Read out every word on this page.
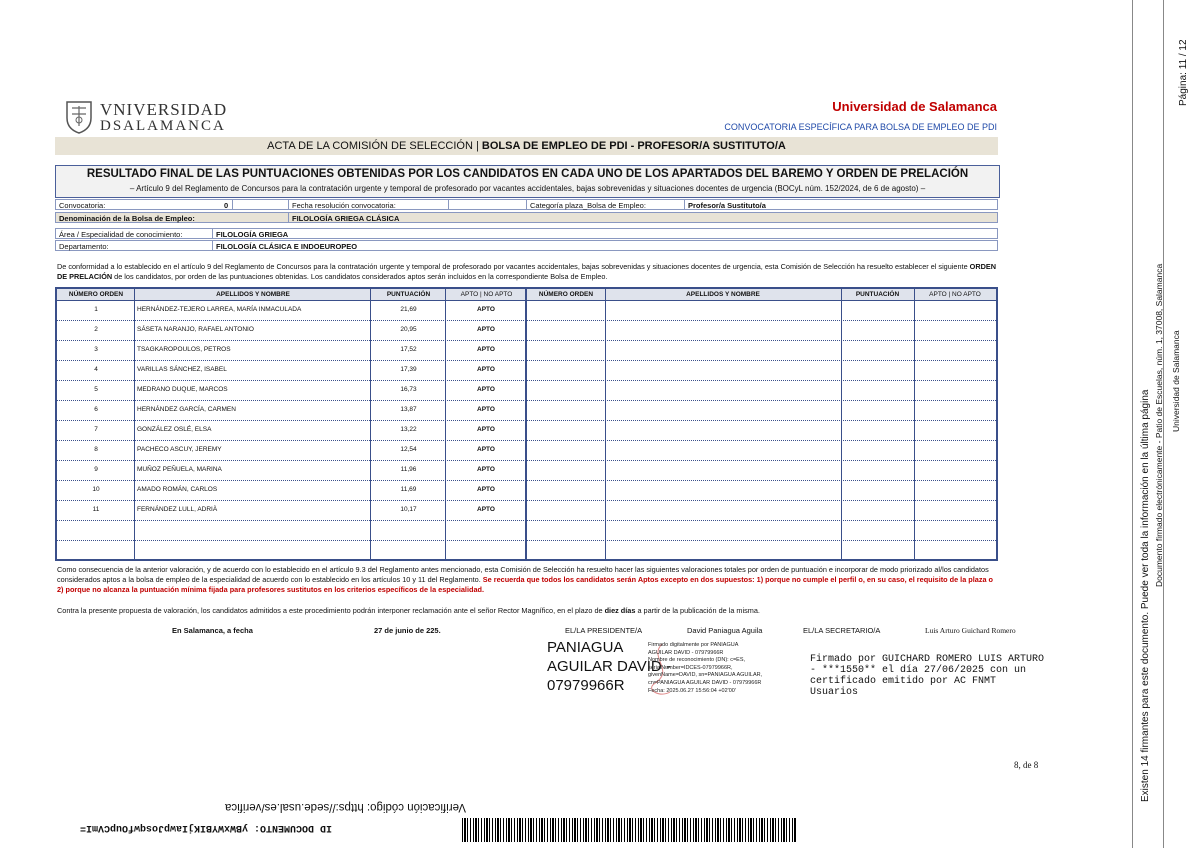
VNIVERSIDAD
DSALAMANCA
Universidad de Salamanca
CONVOCATORIA ESPECÍFICA PARA BOLSA DE EMPLEO DE PDI
ACTA DE LA COMISIÓN DE SELECCIÓN | BOLSA DE EMPLEO DE PDI - PROFESOR/A SUSTITUTO/A
RESULTADO FINAL DE LAS PUNTUACIONES OBTENIDAS POR LOS CANDIDATOS EN CADA UNO DE LOS APARTADOS DEL BAREMO Y ORDEN DE PRELACIÓN
– Artículo 9 del Reglamento de Concursos para la contratación urgente y temporal de profesorado por vacantes accidentales, bajas sobrevenidas y situaciones docentes de urgencia (BOCyL núm. 152/2024, de 6 de agosto) –
Convocatoria:	0	Fecha resolución convocatoria:	Categoría plaza_Bolsa de Empleo:	Profesor/a Sustituto/a
Denominación de la Bolsa de Empleo:	FILOLOGÍA GRIEGA CLÁSICA
Área / Especialidad de conocimiento:	FILOLOGÍA GRIEGA
Departamento:	FILOLOGÍA CLÁSICA E INDOEUROPEO
De conformidad a lo establecido en el artículo 9 del Reglamento de Concursos para la contratación urgente y temporal de profesorado por vacantes accidentales, bajas sobrevenidas y situaciones docentes de urgencia, esta Comisión de Selección ha resuelto establecer el siguiente ORDEN DE PRELACIÓN de los candidatos, por orden de las puntuaciones obtenidas. Los candidatos considerados aptos serán incluidos en la correspondiente Bolsa de Empleo.
NÚMERO ORDEN	APELLIDOS Y NOMBRE	PUNTUACIÓN	APTO | NO APTO	NÚMERO ORDEN	APELLIDOS Y NOMBRE	PUNTUACIÓN	APTO | NO APTO
1	HERNÁNDEZ-TEJERO LARREA, MARÍA INMACULADA	21,69	APTO
2	SÁSETA NARANJO, RAFAEL ANTONIO	20,95	APTO
3	TSAGKAROPOULOS, PETROS	17,52	APTO
4	VARILLAS SÁNCHEZ, ISABEL	17,39	APTO
5	MEDRANO DUQUE, MARCOS	16,73	APTO
6	HERNÁNDEZ GARCÍA, CARMEN	13,87	APTO
7	GONZÁLEZ OSLÉ, ELSA	13,22	APTO
8	PACHECO ASCUY, JEREMY	12,54	APTO
9	MUÑOZ PEÑUELA, MARINA	11,96	APTO
10	AMADO ROMÁN, CARLOS	11,69	APTO
11	FERNÁNDEZ LULL, ADRIÀ	10,17	APTO
Como consecuencia de la anterior valoración, y de acuerdo con lo establecido en el artículo 9.3 del Reglamento antes mencionado, esta Comisión de Selección ha resuelto hacer las siguientes valoraciones totales por orden de puntuación e incorporar de modo priorizado al/los candidatos considerados aptos a la bolsa de empleo de la especialidad de acuerdo con lo establecido en los artículos 10 y 11 del Reglamento. Se recuerda que todos los candidatos serán Aptos excepto en dos supuestos: 1) porque no cumple el perfil o, en su caso, el requisito de la plaza o 2) porque no alcanza la puntuación mínima fijada para profesores sustitutos en los criterios específicos de la especialidad.
Contra la presente propuesta de valoración, los candidatos admitidos a este procedimiento podrán interponer reclamación ante el señor Rector Magnífico, en el plazo de diez días a partir de la publicación de la misma.
En Salamanca, a fecha	27 de junio de 225.	EL/LA PRESIDENTE/A	David Paniagua Aguila	EL/LA SECRETARIO/A	Luis Arturo Guichard Romero
PANIAGUA
AGUILAR DAVID -
07979966R
Firmado digitalmente por PANIAGUA
AGUILAR DAVID - 07979966R
Nombre de reconocimiento (DN): c=ES,
serialNumber=IDCES-07979966R,
givenName=DAVID, sn=PANIAGUA AGUILAR,
cn=PANIAGUA AGUILAR DAVID - 07979966R
Fecha: 2025.06.27 15:56:04 +02'00'
Firmado por GUICHARD ROMERO LUIS ARTURO
- ***1550** el día 27/06/2025 con un
certificado emitido por AC FNMT
Usuarios
8, de 8
Página: 11 / 12
Existen 14 firmantes para este documento. Puede ver toda la información en la última página Documento firmado electrónicamente - Patio de Escuelas, núm. 1, 37008, Salamanca Universidad de Salamanca
Verificación código: https://sede.usal.es/verifica
ID DOCUMENTO: yBWxWYBIKjIawpJosqwfOupCVmI=
